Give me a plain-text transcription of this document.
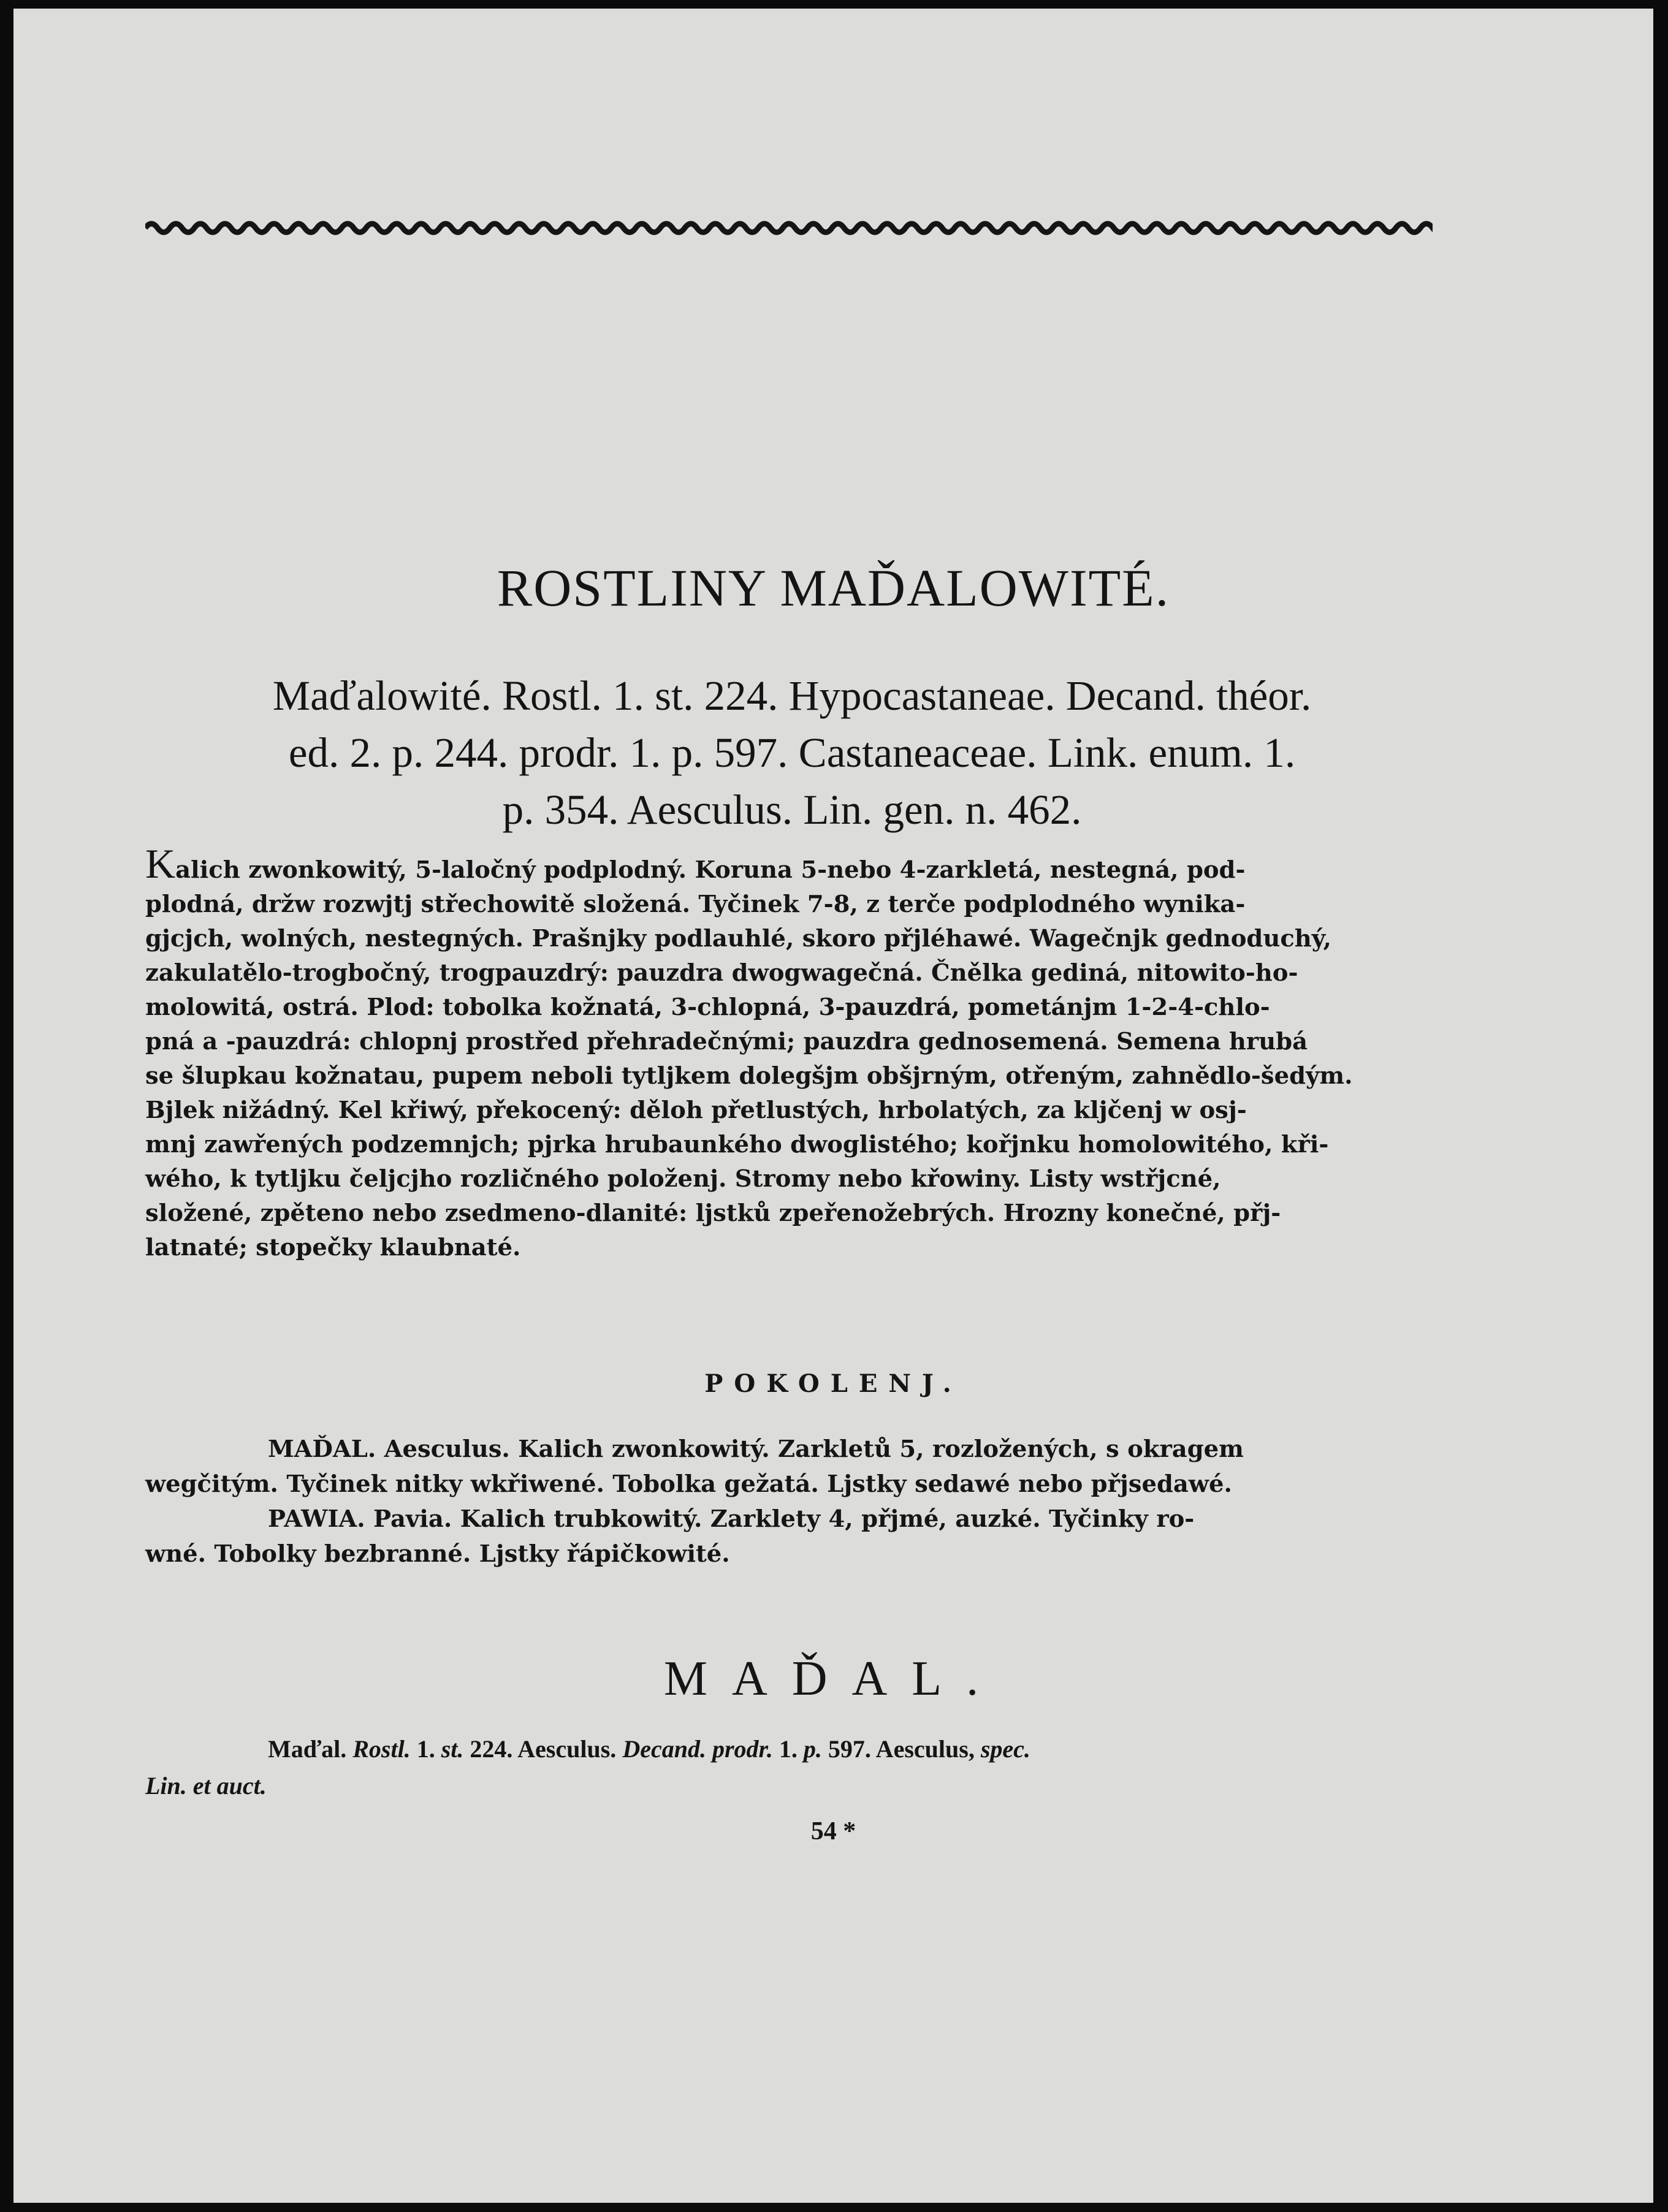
ROSTLINY MAĎALOWITÉ.
Maďalowité. Rostl. 1. st. 224. Hypocastaneae. Decand. théor.
ed. 2. p. 244. prodr. 1. p. 597. Castaneaceae. Link. enum. 1.
p. 354. Aesculus. Lin. gen. n. 462.
Kalich zwonkowitý, 5-laločný podplodný. Koruna 5-nebo 4-zarkletá, nestegná, pod-
plodná, držw rozwjtj střechowitě složená. Tyčinek 7-8, z terče podplodného wynika-
gjcjch, wolných, nestegných. Prašnjky podlauhlé, skoro přjléhawé. Wagečnjk gednoduchý,
zakulatělo-trogbočný, trogpauzdrý: pauzdra dwogwagečná. Čnělka gediná, nitowito-ho-
molowitá, ostrá. Plod: tobolka kožnatá, 3-chlopná, 3-pauzdrá, pometánjm 1-2-4-chlo-
pná a -pauzdrá: chlopnj prostřed přehradečnými; pauzdra gednosemená. Semena hrubá
se šlupkau kožnatau, pupem neboli tytljkem dolegšjm obšjrným, otřeným, zahnědlo-šedým.
Bjlek nižádný. Kel křiwý, překocený: děloh přetlustých, hrbolatých, za kljčenj w osj-
mnj zawřených podzemnjch; pjrka hrubaunkého dwoglistého; kořjnku homolowitého, kři-
wého, k tytljku čeljcjho rozličného položenj. Stromy nebo křowiny. Listy wstřjcné,
složené, zpěteno nebo zsedmeno-dlanité: ljstků zpeřenožebrých. Hrozny konečné, přj-
latnaté; stopečky klaubnaté.
POKOLENJ.
MAĎAL. Aesculus. Kalich zwonkowitý. Zarkletů 5, rozložených, s okragem
wegčitým. Tyčinek nitky wkřiwené. Tobolka gežatá. Ljstky sedawé nebo přjsedawé.
PAWIA. Pavia. Kalich trubkowitý. Zarklety 4, přjmé, auzké. Tyčinky ro-
wné. Tobolky bezbranné. Ljstky řápičkowité.
MAĎAL.
Maďal. Rostl. 1. st. 224. Aesculus. Decand. prodr. 1. p. 597. Aesculus, spec.
Lin. et auct.
54 *
